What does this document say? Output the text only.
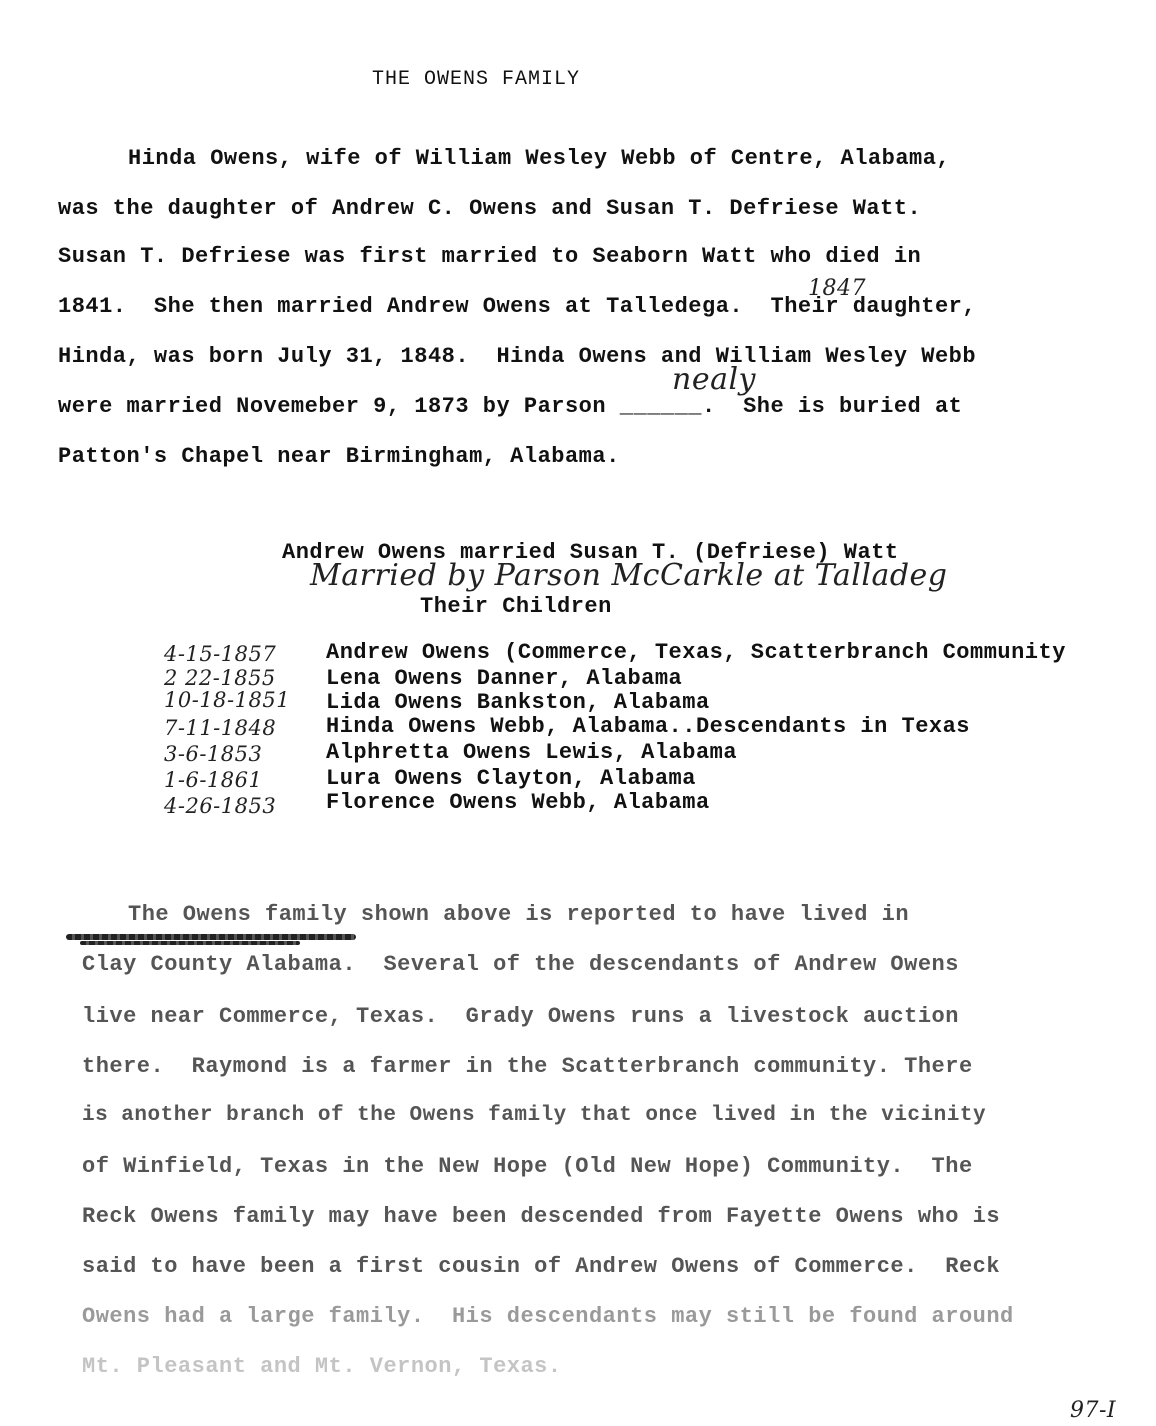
THE OWENS FAMILY
Hinda Owens, wife of William Wesley Webb of Centre, Alabama,
was the daughter of Andrew C. Owens and Susan T. Defriese Watt.
Susan T. Defriese was first married to Seaborn Watt who died in
1841.  She then married Andrew Owens at Talledega.  Their daughter,
Hinda, was born July 31, 1848.  Hinda Owens and William Wesley Webb
were married Novemeber 9, 1873 by Parson ______.  She is buried at
Patton's Chapel near Birmingham, Alabama.
1847
nealy
Andrew Owens married Susan T. (Defriese) Watt
Married by Parson McCarkle at Talladeg
Their Children
4-15-1857 Andrew Owens (Commerce, Texas, Scatterbranch Community
2 22-1855 Lena Owens Danner, Alabama
10-18-1851 Lida Owens Bankston, Alabama
7-11-1848 Hinda Owens Webb, Alabama..Descendants in Texas
3-6-1853	Alphretta Owens Lewis, Alabama
1-6-1861	Lura Owens Clayton, Alabama
4-26-1853 Florence Owens Webb, Alabama
The Owens family shown above is reported to have lived in
Clay County Alabama.  Several of the descendants of Andrew Owens
live near Commerce, Texas.  Grady Owens runs a livestock auction
there.  Raymond is a farmer in the Scatterbranch community. There
is another branch of the Owens family that once lived in the vicinity
of Winfield, Texas in the New Hope (Old New Hope) Community.  The
Reck Owens family may have been descended from Fayette Owens who is
said to have been a first cousin of Andrew Owens of Commerce.  Reck
Owens had a large family.  His descendants may still be found around
Mt. Pleasant and Mt. Vernon, Texas.
97-I
